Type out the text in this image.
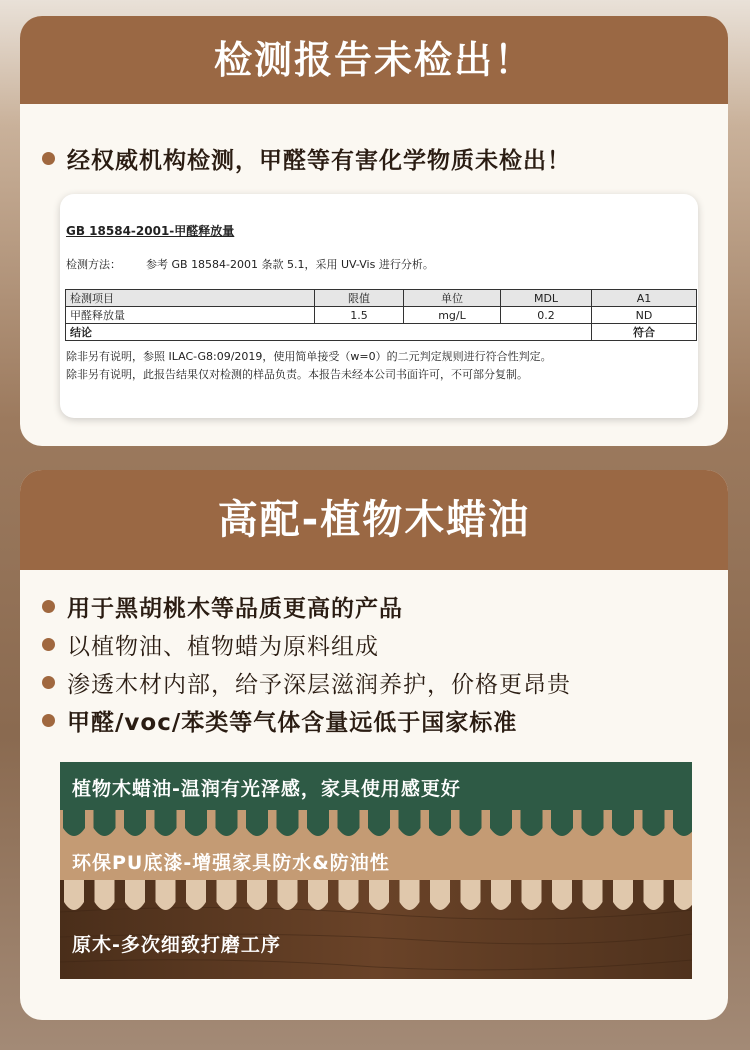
检测报告未检出！
经权威机构检测，甲醛等有害化学物质未检出！
GB 18584-2001-甲醛释放量
检测方法： 参考 GB 18584-2001 条款 5.1，采用 UV-Vis 进行分析。
检测项目	限值	单位	MDL	A1
甲醛释放量	1.5	mg/L	0.2	ND
结论				符合
除非另有说明，参照 ILAC-G8:09/2019，使用简单接受（w=0）的二元判定规则进行符合性判定。
除非另有说明，此报告结果仅对检测的样品负责。本报告未经本公司书面许可，不可部分复制。
高配-植物木蜡油
用于黑胡桃木等品质更高的产品
以植物油、植物蜡为原料组成
渗透木材内部，给予深层滋润养护，价格更昂贵
甲醛/voc/苯类等气体含量远低于国家标准
植物木蜡油-温润有光泽感，家具使用感更好
环保PU底漆-增强家具防水&防油性
原木-多次细致打磨工序
